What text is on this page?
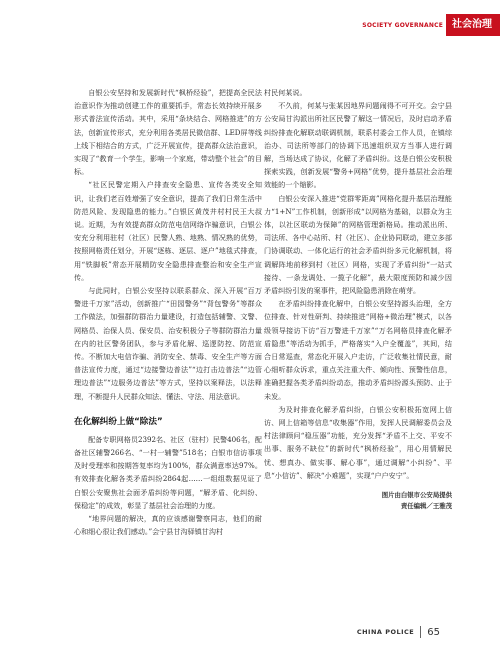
SOCIETY GOVERNANCE 社会治理

自银公安坚持和发展新时代“枫桥经验”，把提高全民法治意识作为推动创建工作的重要抓手，常态长效持续开展多形式普法宣传活动。其中，采用“条块结合、网格推进”的方法，创新宣传形式，充分利用各类居民微信群、LED屏等线上线下相结合的方式，广泛开展宣传，提高群众法治意识，实现了“教育一个学生，影响一个家庭，带动整个社会”的目标。

“社区民警定期入户排查安全隐患、宣传各类安全知识，让我们老百姓增强了安全意识，提高了我们日常生活中防范风险、发现隐患的能力。”白银区黄茂井村村民王大叔说。近期，为有效提高群众防范电信网络诈骗意识，白银公安充分利用驻村（社区）民警人熟、地熟、情况熟的优势，按照网格责任划分，开展“逐栋、逐层、逐户”地毯式排查，用“铁脚板”常态开展精防安全隐患排查整治和安全生产宣传。

与此同时，白银公安坚持以联系群众、深入开展“百万警进千万家”活动，创新推广“田园警务”“背包警务”等群众工作做法，加强群防群治力量建设，打造包括辅警、文警、网格员、治保人员、保安员、治安积极分子等群防群治力量在内的社区警务团队，参与矛盾化解、巡逻防控、防范宣传。不断加大电信诈骗、消防安全、禁毒、安全生产等方面普法宣传力度，通过“边接警边普法”“边打击边普法”“边管理边普法”“边服务边普法”等方式，坚持以案释法，以法释理，不断提升人民群众知法、懂法、守法、用法意识。

在化解纠纷上做“除法”

配备专职网格员2392名、社区（驻村）民警406名，配备社区辅警266名、“一村一辅警”518名；白银市信访事项及时受理率和按期答复率均为100%，群众满意率达97%。有效排查化解各类矛盾纠纷2864起……一组组数据见证了白银公安聚焦社会面矛盾纠纷等问题，“解矛盾、化纠纷、保稳定”的成效，彰显了基层社会治理的力度。

“地界问题的解决，真的应该感谢警察同志，他们的耐心和细心很让我们感动。”会宁县甘沟驿镇甘沟村

村民何某说。

不久前，何某与张某因地界问题闹得不可开交。会宁县公安局甘沟派出所社区民警了解这一情况后，及时启动矛盾纠纷排查化解联动联调机制，联系村委会工作人员，在镇综治办、司法所等部门的协调下迅速组织双方当事人进行调解，当场达成了协议，化解了矛盾纠纷。这是白银公安积极探索实践，创新发展“警务+网格”优势，提升基层社会治理效能的一个缩影。

白银公安深入推进“党群零距离”网格化提升基层治理能力“1+N”工作机制，创新形成“以网格为基础，以群众为主体，以社区联动为保障”的网格管理新格局。推动派出所、司法所、各中心站所、村（社区）、企业协同联动，建立多部门协调联动、一体化运行的社会矛盾纠纷多元化解机制，将调解阵地前移到村（社区）网格，实现了矛盾纠纷“一站式接待、一条龙调处、一揽子化解”，最大限度预防和减少因矛盾纠纷引发的案事件，把风险隐患消除在萌芽。

在矛盾纠纷排查化解中，白银公安坚持源头治理，全方位排查、针对性研判、持续推进“网格+微治理”模式，以各级领导接访下访“百万警进千万家”“万名网格员排查化解矛盾隐患”等活动为抓手，严格落实“入户全覆盖”，其间，结合日常巡查，常态化开展入户走访，广泛收集社情民意，耐心细听群众诉求，重点关注重大件、倾向性、预警性信息，准确把握各类矛盾纠纷动态，推动矛盾纠纷源头预防、止于未发。

为及时排查化解矛盾纠纷，白银公安积极拓宽网上信访、网上信箱等信息“收集器”作用，发挥人民调解委员会及村法律顾问“稳压器”功能，充分发挥“矛盾不上交、平安不出事、服务不缺位”的新时代“枫桥经验”，用心用情解民忧、想真办、做实事、解心事”，通过调解“小纠纷”、平息“小信访”、解决“小难题”，实现“户户安宁”。

图片由白银市公安局提供
责任编辑／王雅茂
CHINA POLICE 65
